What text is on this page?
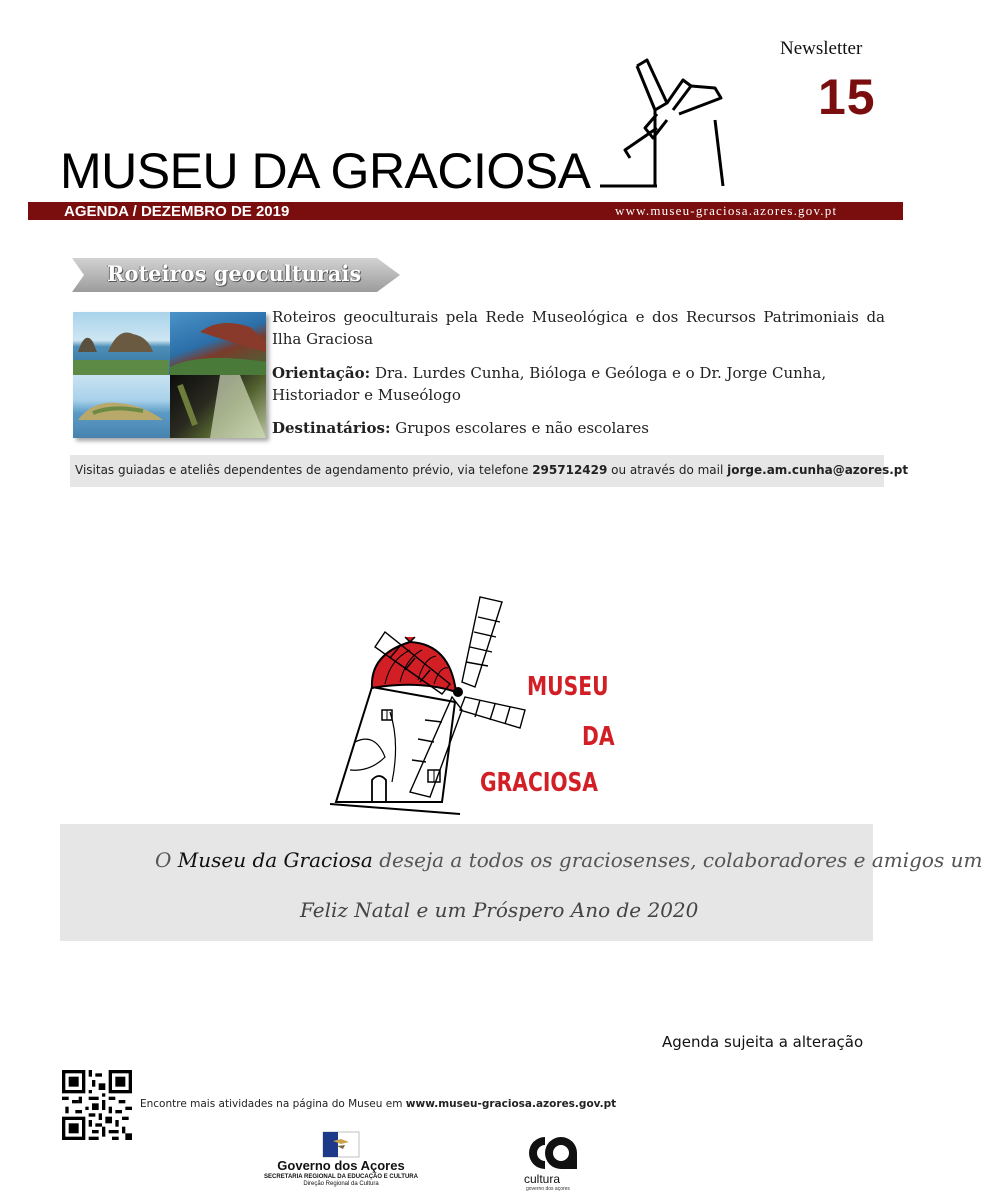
Newsletter
15
MUSEU DA GRACIOSA
AGENDA / DEZEMBRO DE 2019	www.museu-graciosa.azores.gov.pt
Roteiros geoculturais
Roteiros geoculturais pela Rede Museológica e dos Recursos Patrimoniais da Ilha Graciosa
Orientação: Dra. Lurdes Cunha, Bióloga e Geóloga e o Dr. Jorge Cunha, Historiador e Museólogo
Destinatários: Grupos escolares e não escolares
Visitas guiadas e ateliês dependentes de agendamento prévio, via telefone 295712429 ou através do mail jorge.am.cunha@azores.pt
MUSEU
DA
GRACIOSA
O Museu da Graciosa deseja a todos os graciosenses, colaboradores e amigos um
Feliz Natal e um Próspero Ano de 2020
Agenda sujeita a alteração
Encontre mais atividades na página do Museu em www.museu-graciosa.azores.gov.pt
Governo dos Açores
SECRETARIA REGIONAL DA EDUCAÇÃO E CULTURA
Direção Regional da Cultura	cultura
governo dos açores
